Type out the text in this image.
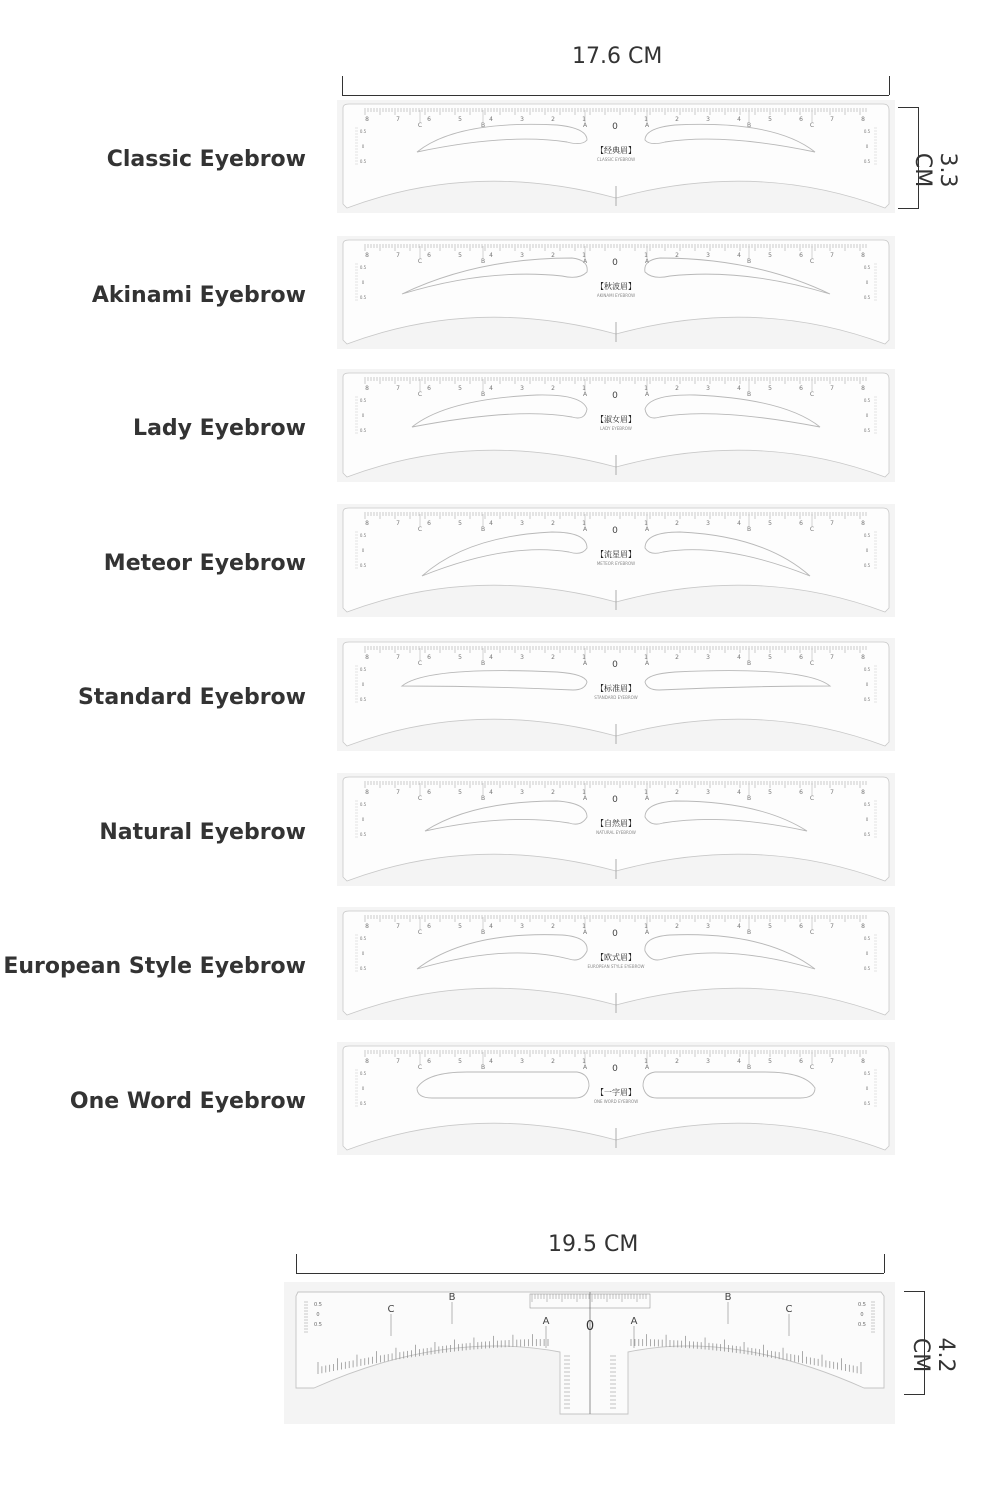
17.6 CM
3.3 CM
Classic Eyebrow
8	7	6	5	4	3	2	1
0
1	2	3	4	5	6	7	8
C	B	A	A	B	C
0.5	0.5
0	0
0.5	0.5
【经典眉】
CLASSIC EYEBROW
Akinami Eyebrow
8	7	6	5	4	3	2	1
0
1	2	3	4	5	6	7	8
C	B	A	A	B	C
0.5	0.5
0	0
0.5	0.5
【秋波眉】
AKINAMI EYEBROW
Lady Eyebrow
8	7	6	5	4	3	2	1
0
1	2	3	4	5	6	7	8
C	B	A	A	B	C
0.5	0.5
0	0
0.5	0.5
【淑女眉】
LADY EYEBROW
Meteor Eyebrow
8	7	6	5	4	3	2	1
0
1	2	3	4	5	6	7	8
C	B	A	A	B	C
0.5	0.5
0	0
0.5	0.5
【流星眉】
METEOR EYEBROW
Standard Eyebrow
8	7	6	5	4	3	2	1
0
1	2	3	4	5	6	7	8
C	B	A	A	B	C
0.5	0.5
0	0
0.5	0.5
【标准眉】
STANDARD EYEBROW
Natural Eyebrow
8	7	6	5	4	3	2	1
0
1	2	3	4	5	6	7	8
C	B	A	A	B	C
0.5	0.5
0	0
0.5	0.5
【自然眉】
NATURAL EYEBROW
European Style Eyebrow
8	7	6	5	4	3	2	1
0
1	2	3	4	5	6	7	8
C	B	A	A	B	C
0.5	0.5
0	0
0.5	0.5
【欧式眉】
EUROPEAN STYLE EYEBROW
One Word Eyebrow
8	7	6	5	4	3	2	1
0
1	2	3	4	5	6	7	8
C	B	A	A	B	C
0.5	0.5
0	0
0.5	0.5
【一字眉】
ONE WORD EYEBROW
19.5 CM
4.2 CM
0
C
B
A	A
B
C
0.5	0.5
0	0
0.5	0.5
